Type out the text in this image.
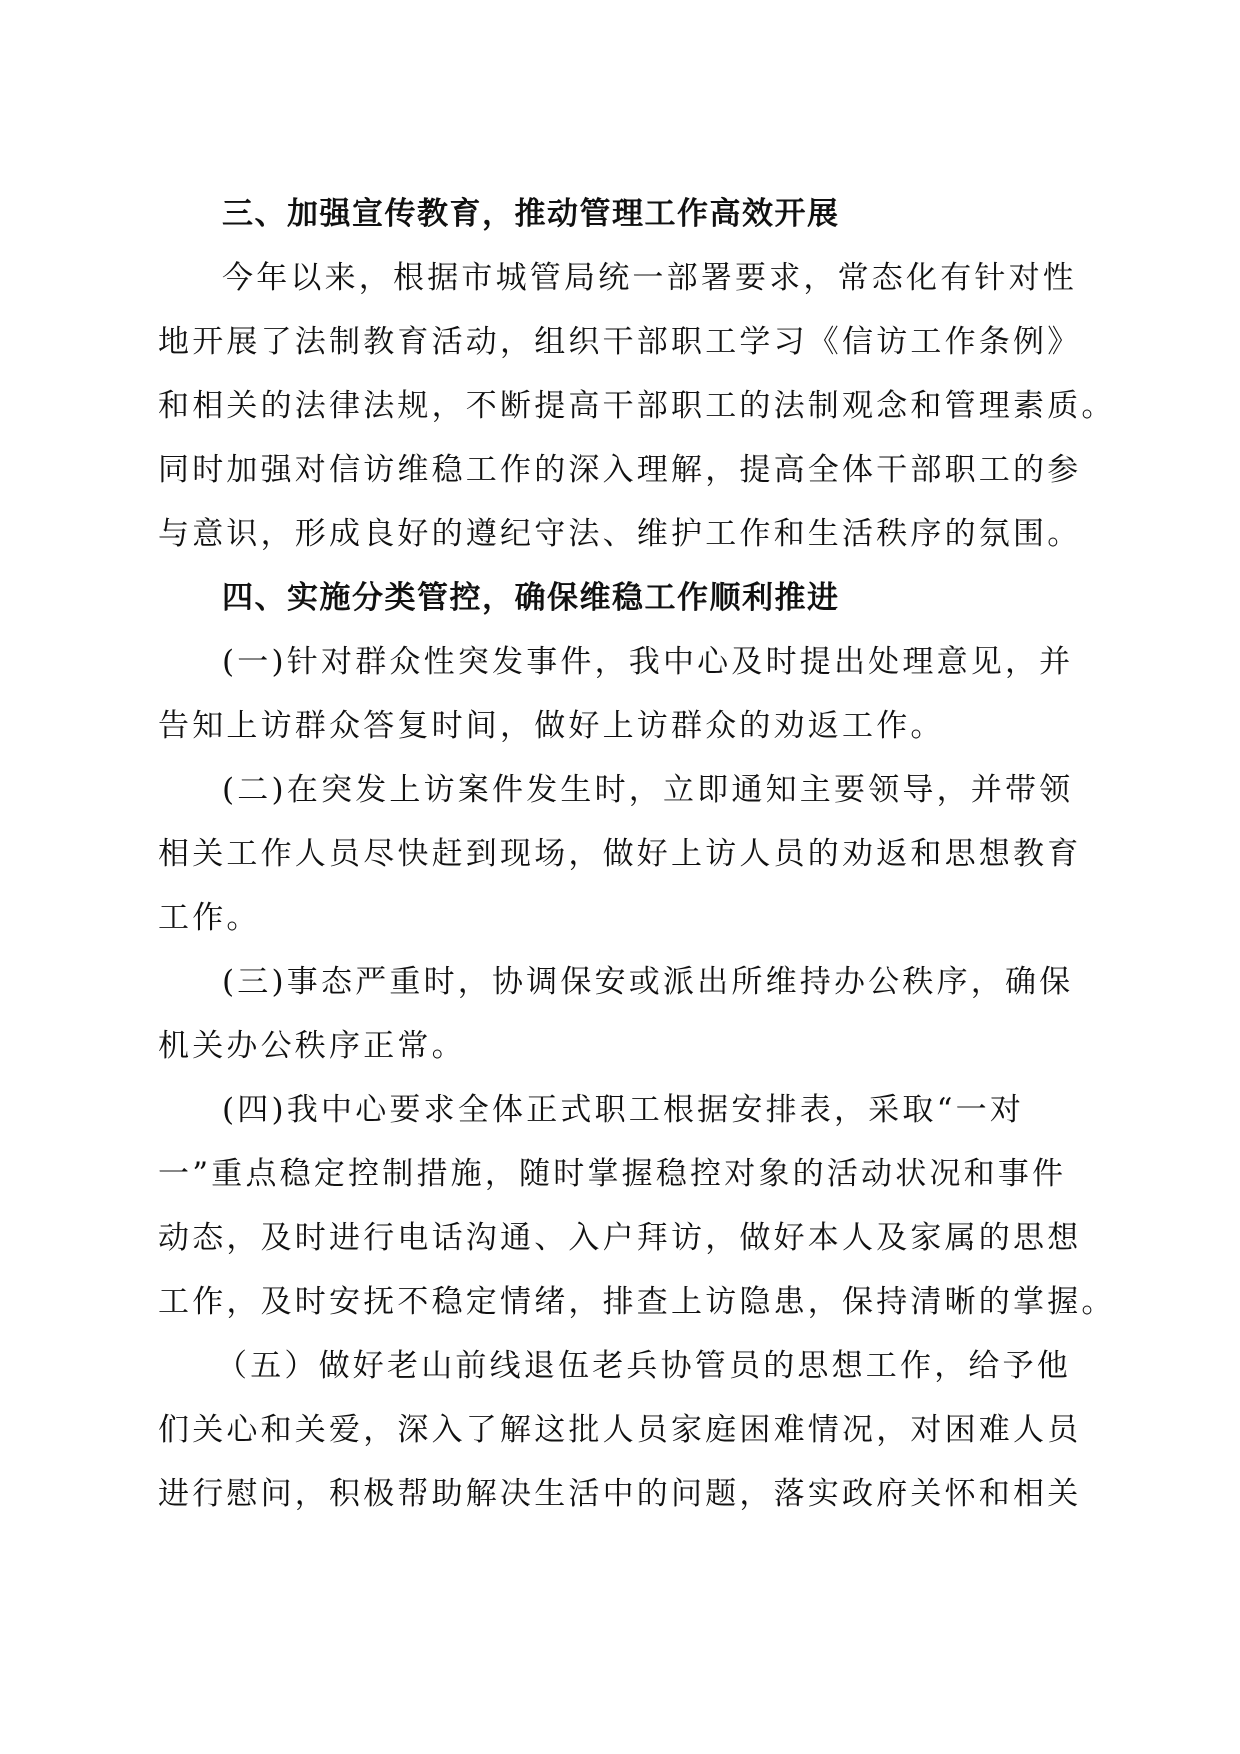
三、加强宣传教育，推动管理工作高效开展
今年以来，根据市城管局统一部署要求，常态化有针对性
地开展了法制教育活动，组织干部职工学习《信访工作条例》
和相关的法律法规，不断提高干部职工的法制观念和管理素质。
同时加强对信访维稳工作的深入理解，提高全体干部职工的参
与意识，形成良好的遵纪守法、维护工作和生活秩序的氛围。
四、实施分类管控，确保维稳工作顺利推进
(一)针对群众性突发事件，我中心及时提出处理意见，并
告知上访群众答复时间，做好上访群众的劝返工作。
(二)在突发上访案件发生时，立即通知主要领导，并带领
相关工作人员尽快赶到现场，做好上访人员的劝返和思想教育
工作。
(三)事态严重时，协调保安或派出所维持办公秩序，确保
机关办公秩序正常。
(四)我中心要求全体正式职工根据安排表，采取“一对
一”重点稳定控制措施，随时掌握稳控对象的活动状况和事件
动态，及时进行电话沟通、入户拜访，做好本人及家属的思想
工作，及时安抚不稳定情绪，排查上访隐患，保持清晰的掌握。
（五）做好老山前线退伍老兵协管员的思想工作，给予他
们关心和关爱，深入了解这批人员家庭困难情况，对困难人员
进行慰问，积极帮助解决生活中的问题，落实政府关怀和相关
